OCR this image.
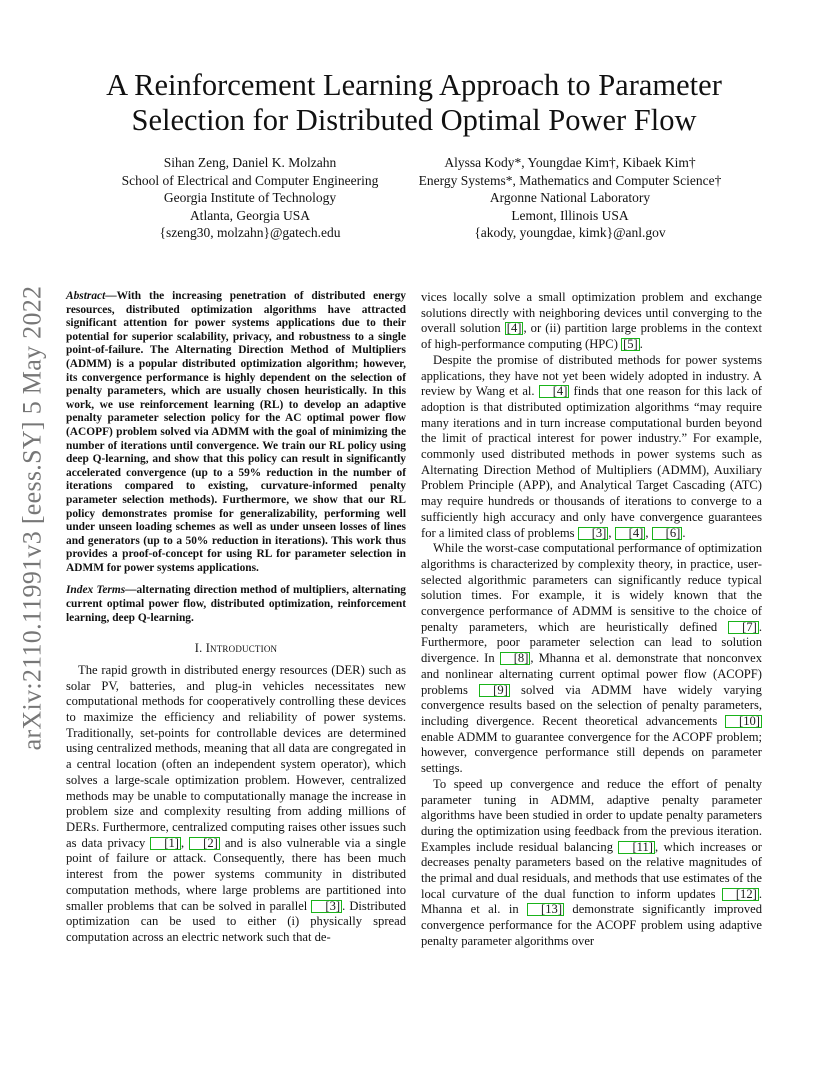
arXiv:2110.11991v3 [eess.SY] 5 May 2022
A Reinforcement Learning Approach to Parameter
Selection for Distributed Optimal Power Flow
Sihan Zeng, Daniel K. Molzahn
School of Electrical and Computer Engineering
Georgia Institute of Technology
Atlanta, Georgia USA
{szeng30, molzahn}@gatech.edu
Alyssa Kody*, Youngdae Kim†, Kibaek Kim†
Energy Systems*, Mathematics and Computer Science†
Argonne National Laboratory
Lemont, Illinois USA
{akody, youngdae, kimk}@anl.gov

Abstract—With the increasing penetration of distributed energy resources, distributed optimization algorithms have attracted significant attention for power systems applications due to their potential for superior scalability, privacy, and robustness to a single point-of-failure. The Alternating Direction Method of Multipliers (ADMM) is a popular distributed optimization algorithm; however, its convergence performance is highly dependent on the selection of penalty parameters, which are usually chosen heuristically. In this work, we use reinforcement learning (RL) to develop an adaptive penalty parameter selection policy for the AC optimal power flow (ACOPF) problem solved via ADMM with the goal of minimizing the number of iterations until convergence. We train our RL policy using deep Q-learning, and show that this policy can result in significantly accelerated convergence (up to a 59% reduction in the number of iterations compared to existing, curvature-informed penalty parameter selection methods). Furthermore, we show that our RL policy demonstrates promise for generalizability, performing well under unseen loading schemes as well as under unseen losses of lines and generators (up to a 50% reduction in iterations). This work thus provides a proof-of-concept for using RL for parameter selection in ADMM for power systems applications.

Index Terms—alternating direction method of multipliers, alternating current optimal power flow, distributed optimization, reinforcement learning, deep Q-learning.

I. Introduction

The rapid growth in distributed energy resources (DER) such as solar PV, batteries, and plug-in vehicles necessitates new computational methods for cooperatively controlling these devices to maximize the efficiency and reliability of power systems. Traditionally, set-points for controllable devices are determined using centralized methods, meaning that all data are congregated in a central location (often an independent system operator), which solves a large-scale optimization problem. However, centralized methods may be unable to computationally manage the increase in problem size and complexity resulting from adding millions of DERs. Furthermore, centralized computing raises other issues such as data privacy [1] , [2] and is also vulnerable via a single point of failure or attack. Consequently, there has been much interest from the power systems community in distributed computation methods, where large problems are partitioned into smaller problems that can be solved in parallel [3] . Distributed optimization can be used to either (i) physically spread computation across an electric network such that de-

vices locally solve a small optimization problem and exchange solutions directly with neighboring devices until converging to the overall solution [4] , or (ii) partition large problems in the context of high-performance computing (HPC) [5] .

Despite the promise of distributed methods for power systems applications, they have not yet been widely adopted in industry. A review by Wang et al. [4] finds that one reason for this lack of adoption is that distributed optimization algorithms “may require many iterations and in turn increase computational burden beyond the limit of practical interest for power industry.” For example, commonly used distributed methods in power systems such as Alternating Direction Method of Multipliers (ADMM), Auxiliary Problem Principle (APP), and Analytical Target Cascading (ATC) may require hundreds or thousands of iterations to converge to a sufficiently high accuracy and only have convergence guarantees for a limited class of problems [3] , [4] , [6] .

While the worst-case computational performance of optimization algorithms is characterized by complexity theory, in practice, user-selected algorithmic parameters can significantly reduce typical solution times. For example, it is widely known that the convergence performance of ADMM is sensitive to the choice of penalty parameters, which are heuristically defined [7] . Furthermore, poor parameter selection can lead to solution divergence. In [8] , Mhanna et al. demonstrate that nonconvex and nonlinear alternating current optimal power flow (ACOPF) problems [9] solved via ADMM have widely varying convergence results based on the selection of penalty parameters, including divergence. Recent theoretical advancements [10] enable ADMM to guarantee convergence for the ACOPF problem; however, convergence performance still depends on parameter settings.

To speed up convergence and reduce the effort of penalty parameter tuning in ADMM, adaptive penalty parameter algorithms have been studied in order to update penalty parameters during the optimization using feedback from the previous iteration. Examples include residual balancing [11] , which increases or decreases penalty parameters based on the relative magnitudes of the primal and dual residuals, and methods that use estimates of the local curvature of the dual function to inform updates [12] . Mhanna et al. in [13] demonstrate significantly improved convergence performance for the ACOPF problem using adaptive penalty parameter algorithms over
